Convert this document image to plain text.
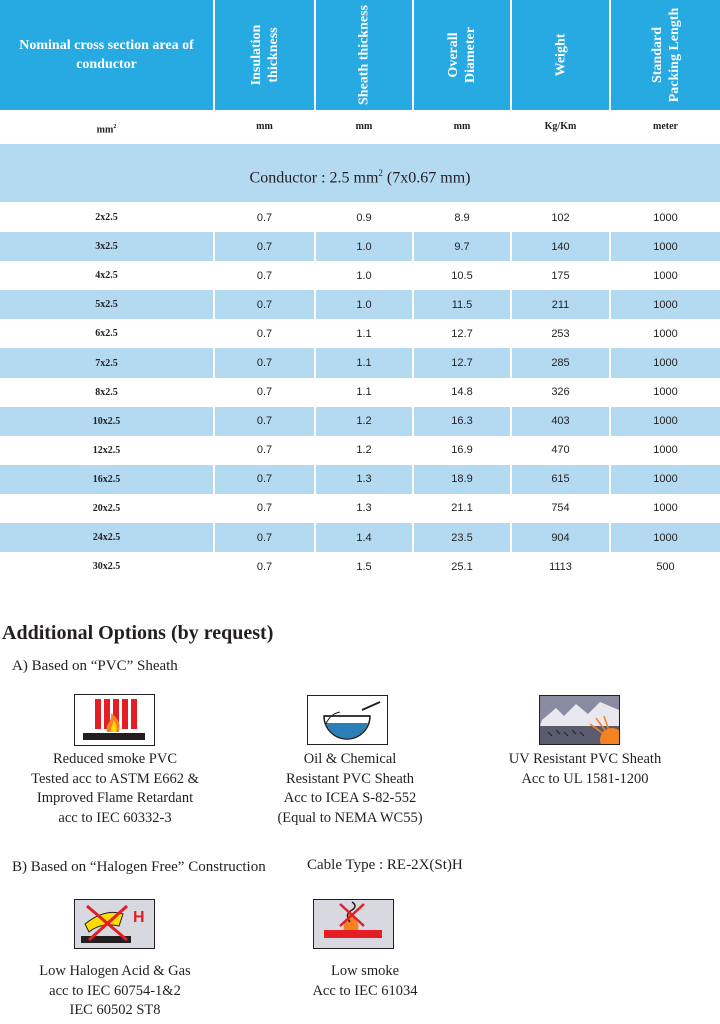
Nominal cross section area of conductor	Insulation thickness	Sheath thickness	Overall Diameter	Weight	Standard Packing Length
$mm^2$	mm	mm	mm	Kg/Km	meter
Conductor : 2.5 $mm^2$ (7x0.67 mm)
2x2.5	0.7	0.9	8.9	102	1000
3x2.5	0.7	1.0	9.7	140	1000
4x2.5	0.7	1.0	10.5	175	1000
5x2.5	0.7	1.0	11.5	211	1000
6x2.5	0.7	1.1	12.7	253	1000
7x2.5	0.7	1.1	12.7	285	1000
8x2.5	0.7	1.1	14.8	326	1000
10x2.5	0.7	1.2	16.3	403	1000
12x2.5	0.7	1.2	16.9	470	1000
16x2.5	0.7	1.3	18.9	615	1000
20x2.5	0.7	1.3	21.1	754	1000
24x2.5	0.7	1.4	23.5	904	1000
30x2.5	0.7	1.5	25.1	1113	500
Additional Options (by request)
A) Based on “PVC” Sheath
Reduced smoke PVC
Tested acc to ASTM E662 &
Improved Flame Retardant
acc to IEC 60332-3
Oil & Chemical
Resistant PVC Sheath
Acc to ICEA S-82-552
(Equal to NEMA WC55)
UV Resistant PVC Sheath
Acc to UL 1581-1200
B) Based on “Halogen Free” Construction	Cable Type : RE-2X(St)H
H
Low Halogen Acid & Gas
acc to IEC 60754-1&2
IEC 60502 ST8
Low smoke
Acc to IEC 61034
